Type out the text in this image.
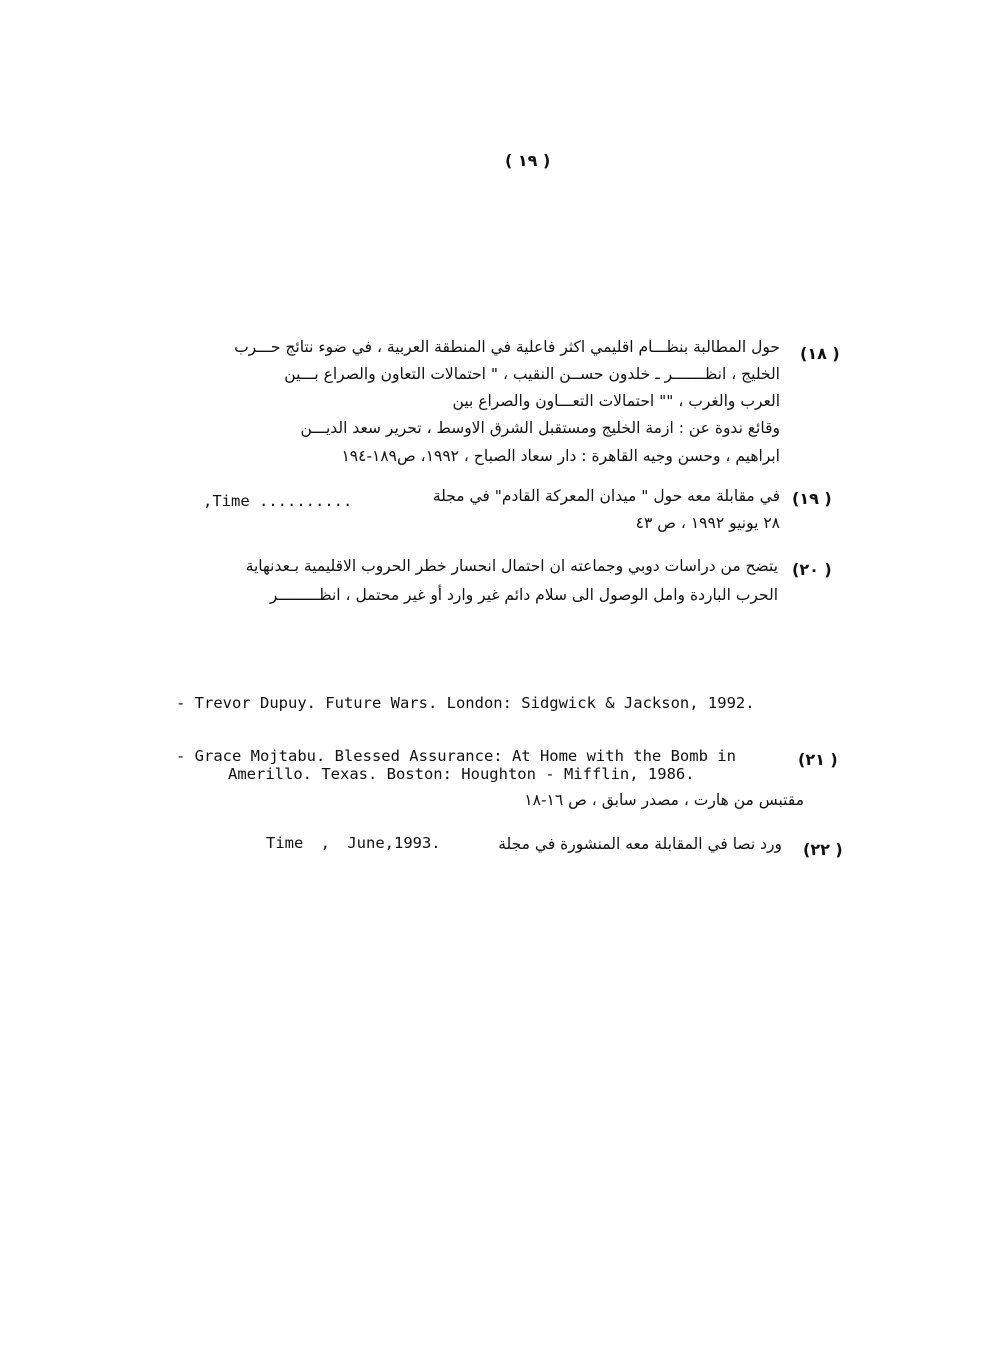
( ١٩ )
(١٨ )
حول المطالبة بنظـــام اقليمي اكثر فاعلية في المنطقة العربية ، في ضوء نتائج حـــرب
الخليج ، انظـــــــر ـ خلدون حســن النقيب ، " احتمالات التعاون والصراع بـــين
العرب والغرب ، "" احتمالات التعـــاون والصراع بين
وقائع ندوة عن : ازمة الخليج ومستقبل الشرق الاوسط ، تحرير سعد الديـــن
ابراهيم ، وحسن وجيه القاهرة : دار سعاد الصباح ، ١٩٩٢، ص١٨٩-١٩٤
(١٩ )
في مقابلة معه حول " ميدان المعركة القادم" في مجلة
,Time ..........
٢٨ يونيو ١٩٩٢ ، ص ٤٣
(٢٠ )
يتضح من دراسات دوبي وجماعته ان احتمال انحسار خطر الحروب الاقليمية بـعدنهاية
الحرب الباردة وامل الوصول الى سلام دائم غير وارد أو غير محتمل ، انظـــــــــر
- Trevor Dupuy. Future Wars. London: Sidgwick & Jackson, 1992.
- Grace Mojtabu. Blessed Assurance: At Home with the Bomb in	(٢١ )
Amerillo. Texas. Boston: Houghton - Mifflin, 1986.
مقتبس من هارت ، مصدر سابق ، ص ١٦-١٨
Time , June,1993.	ورد نصا في المقابلة معه المنشورة في مجلة (٢٢ )
